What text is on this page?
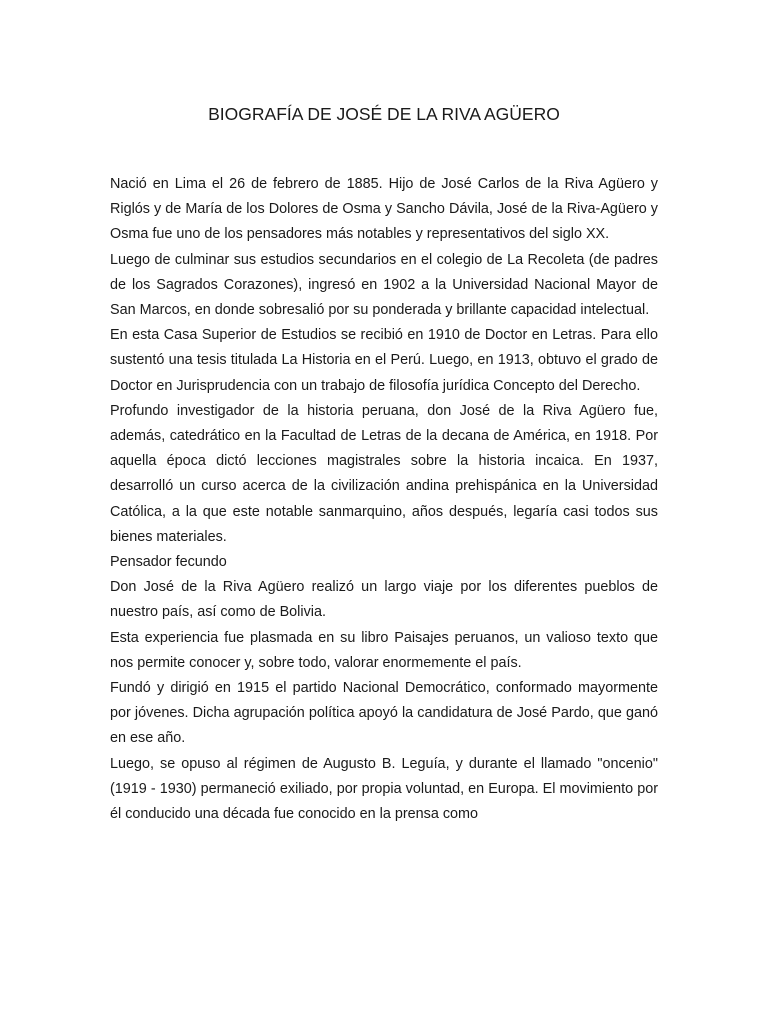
BIOGRAFÍA DE JOSÉ DE LA RIVA AGÜERO

Nació en Lima el 26 de febrero de 1885. Hijo de José Carlos de la Riva Agüero y Riglós y de María de los Dolores de Osma y Sancho Dávila, José de la Riva-Agüero y Osma fue uno de los pensadores más notables y representativos del siglo XX.

Luego de culminar sus estudios secundarios en el colegio de La Recoleta (de padres de los Sagrados Corazones), ingresó en 1902 a la Universidad Nacional Mayor de San Marcos, en donde sobresalió por su ponderada y brillante capacidad intelectual.

En esta Casa Superior de Estudios se recibió en 1910 de Doctor en Letras. Para ello sustentó una tesis titulada La Historia en el Perú. Luego, en 1913, obtuvo el grado de Doctor en Jurisprudencia con un trabajo de filosofía jurídica Concepto del Derecho.

Profundo investigador de la historia peruana, don José de la Riva Agüero fue, además, catedrático en la Facultad de Letras de la decana de América, en 1918. Por aquella época dictó lecciones magistrales sobre la historia incaica. En 1937, desarrolló un curso acerca de la civilización andina prehispánica en la Universidad Católica, a la que este notable sanmarquino, años después, legaría casi todos sus bienes materiales.

Pensador fecundo

Don José de la Riva Agüero realizó un largo viaje por los diferentes pueblos de nuestro país, así como de Bolivia.

Esta experiencia fue plasmada en su libro Paisajes peruanos, un valioso texto que nos permite conocer y, sobre todo, valorar enormemente el país.

Fundó y dirigió en 1915 el partido Nacional Democrático, conformado mayormente por jóvenes. Dicha agrupación política apoyó la candidatura de José Pardo, que ganó en ese año.

Luego, se opuso al régimen de Augusto B. Leguía, y durante el llamado "oncenio" (1919 - 1930) permaneció exiliado, por propia voluntad, en Europa. El movimiento por él conducido una década fue conocido en la prensa como
